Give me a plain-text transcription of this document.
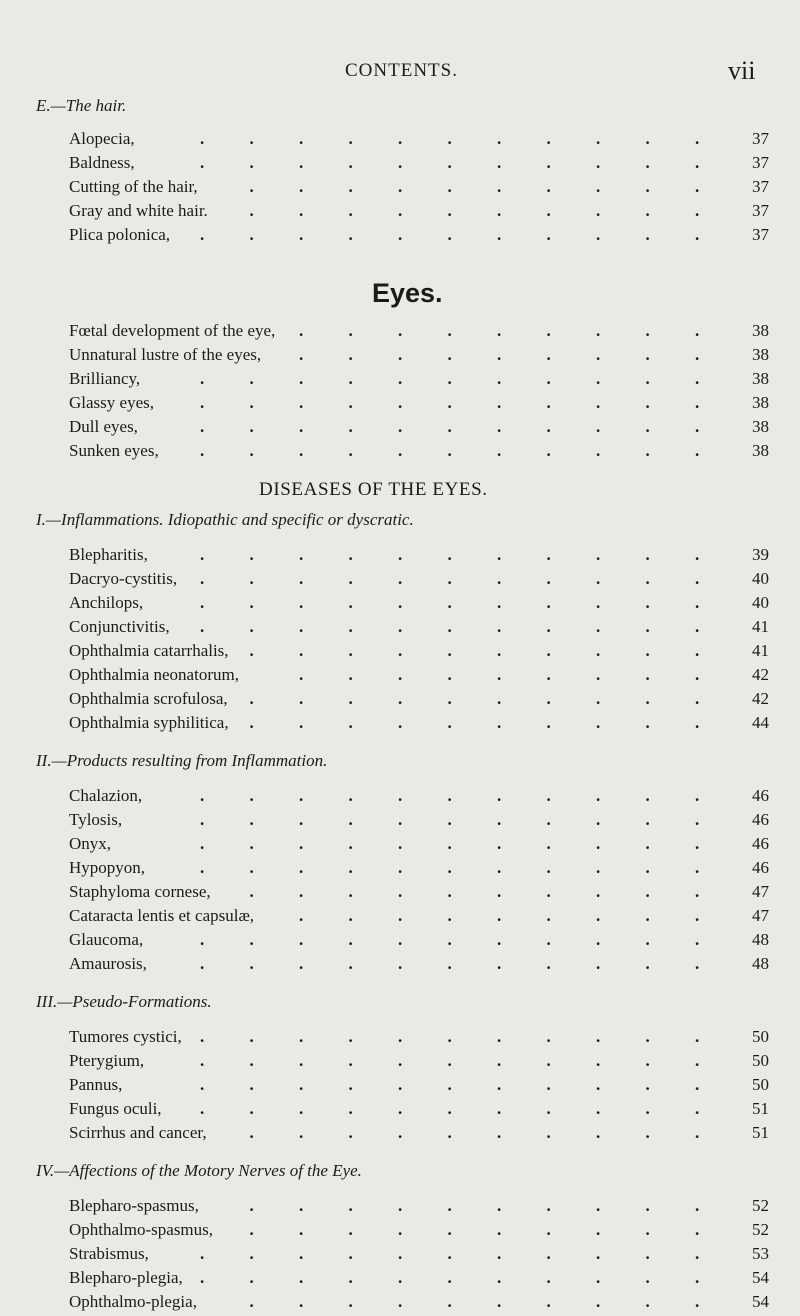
CONTENTS.	vii
E.—The hair.
Alopecia,	37
.	.	.	.	.	.	.	.	.	.	.
Baldness,	37
.	.	.	.	.	.	.	.	.	.	.
Cutting of the hair,	37
.	.	.	.	.	.	.	.	.	.
Gray and white hair.	37
.	.	.	.	.	.	.	.	.	.
Plica polonica,	37
.	.	.	.	.	.	.	.	.	.	.
Eyes.
Fœtal development of the eye,	38
.	.	.	.	.	.	.	.	.
Unnatural lustre of the eyes,	38
.	.	.	.	.	.	.	.	.
Brilliancy,	38
.	.	.	.	.	.	.	.	.	.	.
Glassy eyes,	38
.	.	.	.	.	.	.	.	.	.	.
Dull eyes,	38
.	.	.	.	.	.	.	.	.	.	.
Sunken eyes,	38
.	.	.	.	.	.	.	.	.	.	.
DISEASES OF THE EYES.
I.—Inflammations. Idiopathic and specific or dyscratic.
Blepharitis,	39
.	.	.	.	.	.	.	.	.	.	.
Dacryo-cystitis,	40
.	.	.	.	.	.	.	.	.	.	.
Anchilops,	40
.	.	.	.	.	.	.	.	.	.	.
Conjunctivitis,	41
.	.	.	.	.	.	.	.	.	.	.
Ophthalmia catarrhalis,	41
.	.	.	.	.	.	.	.	.	.
Ophthalmia neonatorum,	42
.	.	.	.	.	.	.	.	.
Ophthalmia scrofulosa,	42
.	.	.	.	.	.	.	.	.	.
Ophthalmia syphilitica,	44
.	.	.	.	.	.	.	.	.	.
II.—Products resulting from Inflammation.
Chalazion,	46
.	.	.	.	.	.	.	.	.	.	.
Tylosis,	46
.	.	.	.	.	.	.	.	.	.	.
Onyx,	46
.	.	.	.	.	.	.	.	.	.	.
Hypopyon,	46
.	.	.	.	.	.	.	.	.	.	.
Staphyloma cornese,	47
.	.	.	.	.	.	.	.	.	.
Cataracta lentis et capsulæ,	47
.	.	.	.	.	.	.	.	.
Glaucoma,	48
.	.	.	.	.	.	.	.	.	.	.
Amaurosis,	48
.	.	.	.	.	.	.	.	.	.	.
III.—Pseudo-Formations.
Tumores cystici,	50
.	.	.	.	.	.	.	.	.	.	.
Pterygium,	50
.	.	.	.	.	.	.	.	.	.	.
Pannus,	50
.	.	.	.	.	.	.	.	.	.	.
Fungus oculi,	51
.	.	.	.	.	.	.	.	.	.	.
Scirrhus and cancer,	51
.	.	.	.	.	.	.	.	.	.
IV.—Affections of the Motory Nerves of the Eye.
Blepharo-spasmus,	52
.	.	.	.	.	.	.	.	.	.
Ophthalmo-spasmus,	52
.	.	.	.	.	.	.	.	.	.
Strabismus,	53
.	.	.	.	.	.	.	.	.	.	.
Blepharo-plegia,	54
.	.	.	.	.	.	.	.	.	.	.
Ophthalmo-plegia,	54
.	.	.	.	.	.	.	.	.	.
